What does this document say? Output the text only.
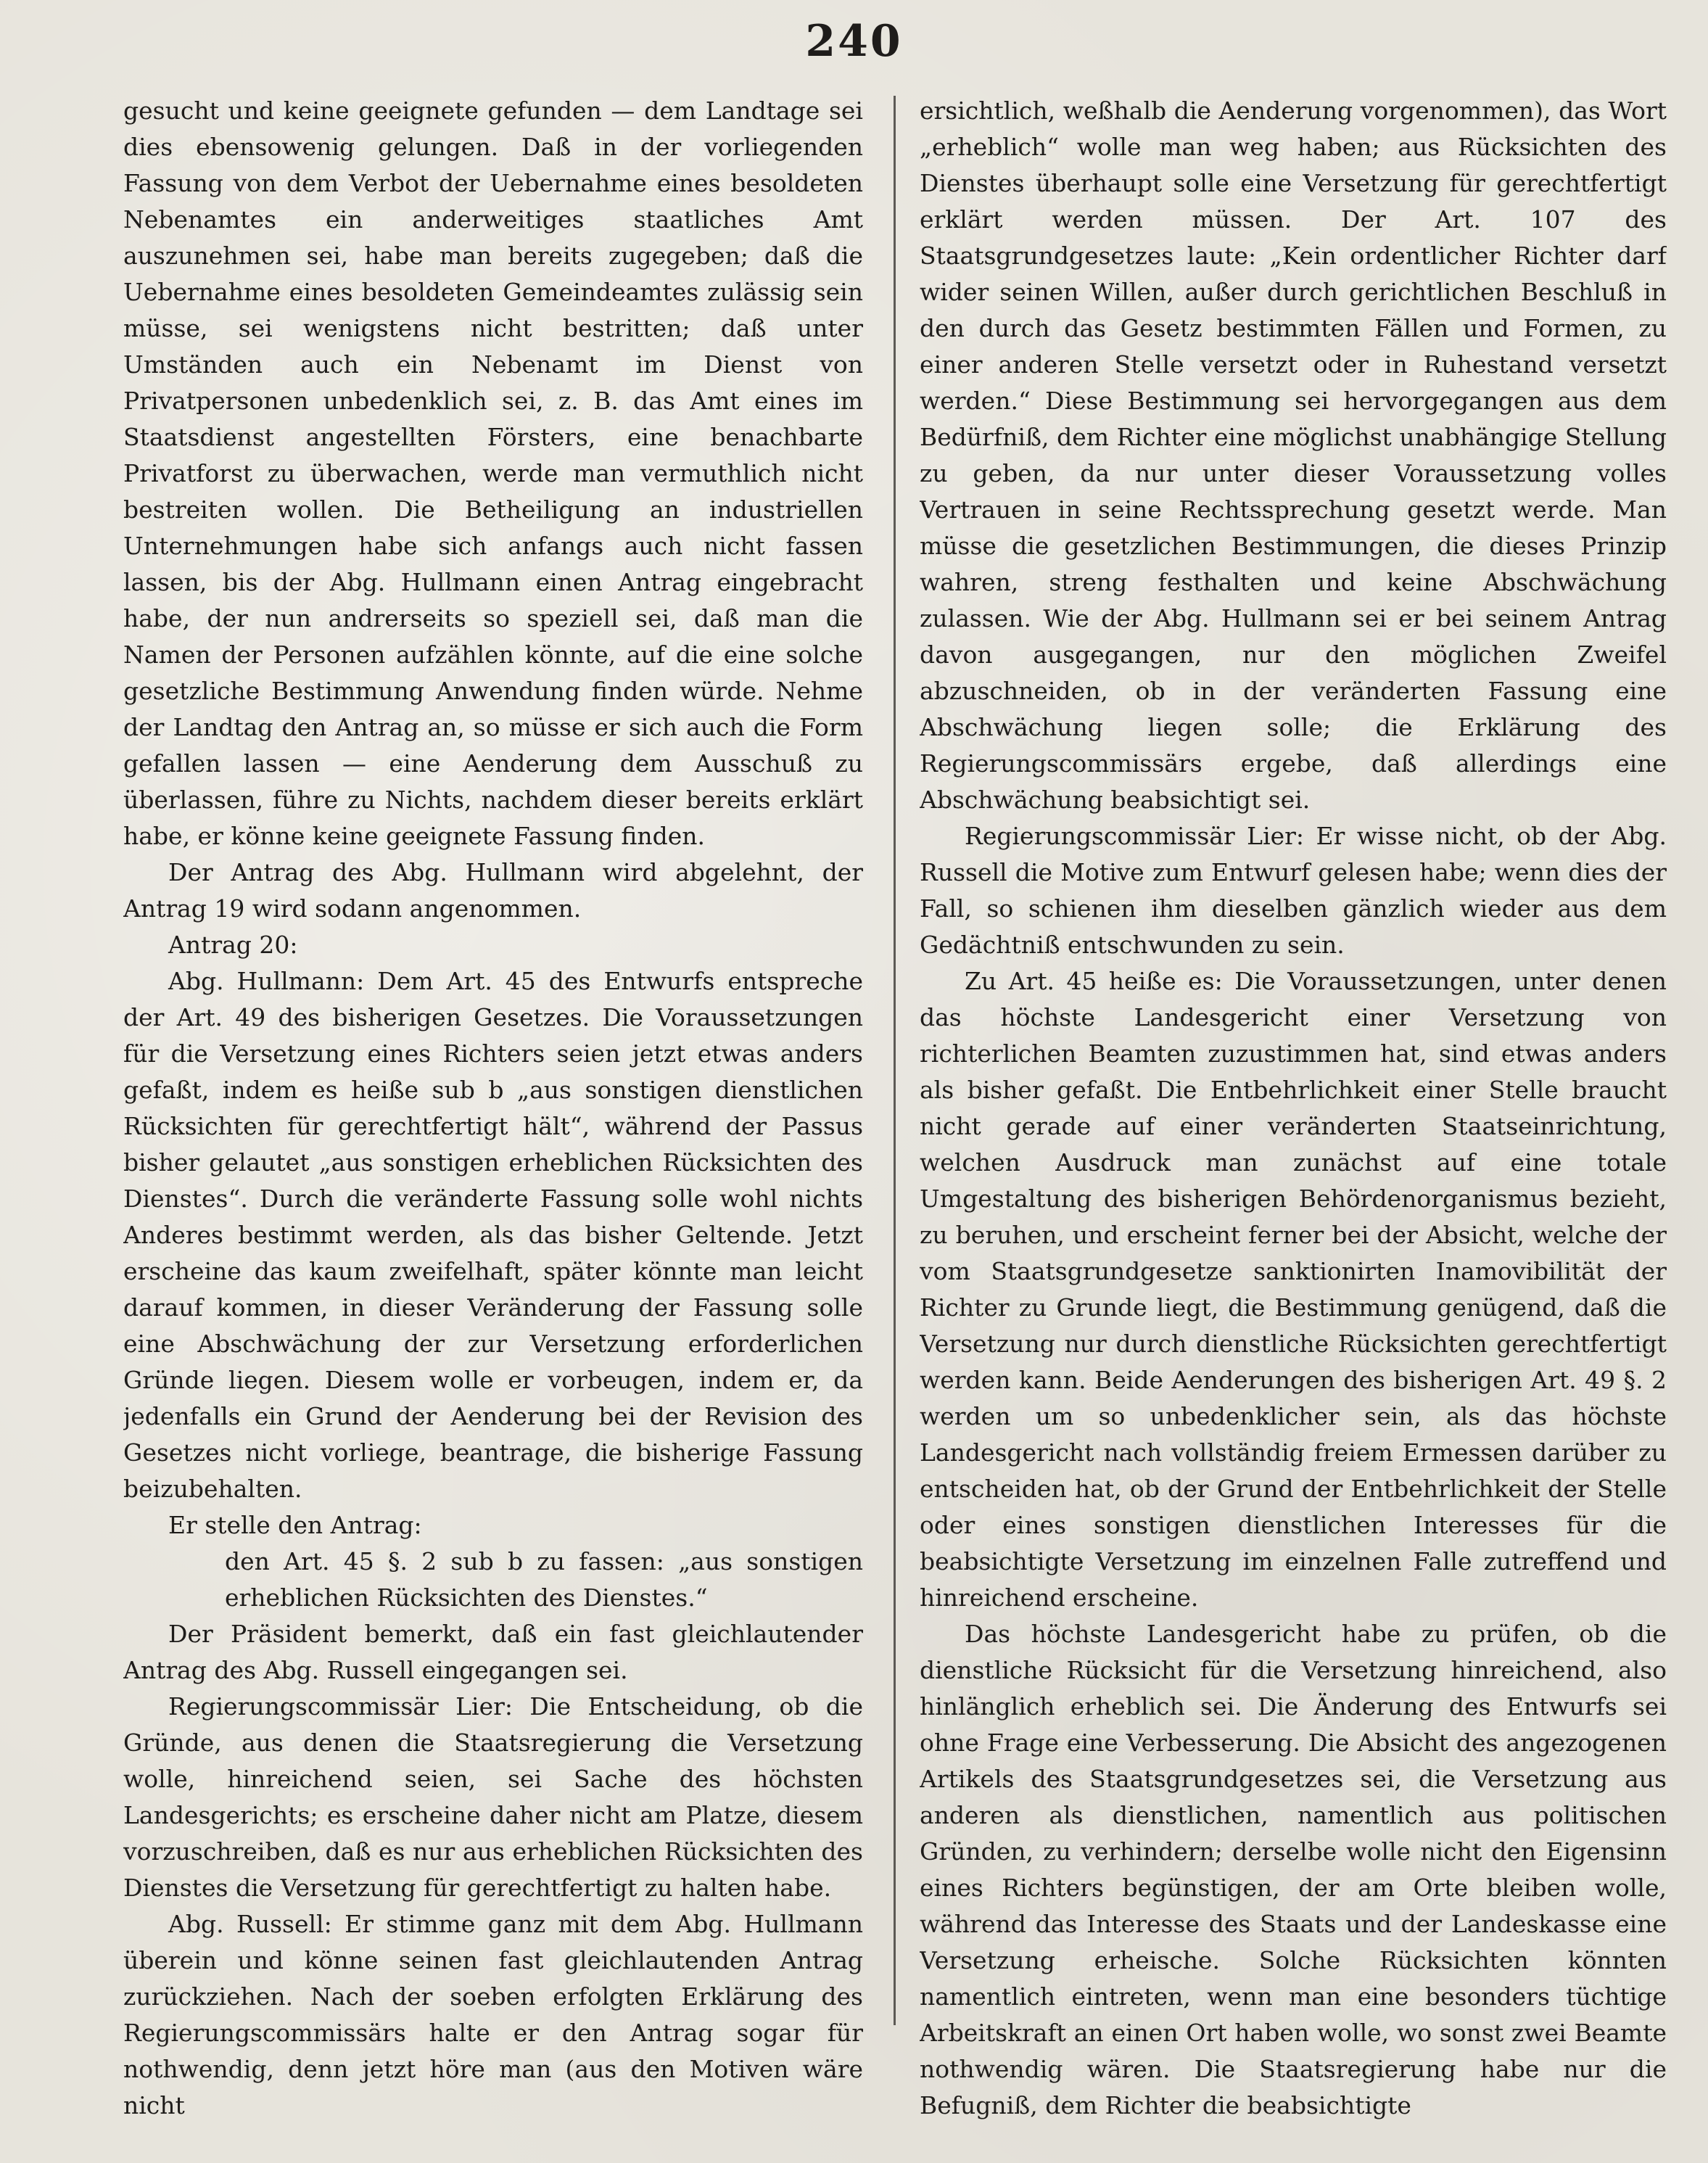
240

gesucht und keine geeignete gefunden — dem Landtage sei dies ebensowenig gelungen. Daß in der vorliegenden Fassung von dem Verbot der Uebernahme eines besoldeten Nebenamtes ein anderweitiges staatliches Amt auszunehmen sei, habe man bereits zugegeben; daß die Uebernahme eines besoldeten Gemeindeamtes zulässig sein müsse, sei wenigstens nicht bestritten; daß unter Umständen auch ein Nebenamt im Dienst von Privatpersonen unbedenklich sei, z. B. das Amt eines im Staatsdienst angestellten Försters, eine benachbarte Privatforst zu überwachen, werde man vermuthlich nicht bestreiten wollen. Die Betheiligung an industriellen Unternehmungen habe sich anfangs auch nicht fassen lassen, bis der Abg. Hullmann einen Antrag eingebracht habe, der nun andrerseits so speziell sei, daß man die Namen der Personen aufzählen könnte, auf die eine solche gesetzliche Bestimmung Anwendung finden würde. Nehme der Landtag den Antrag an, so müsse er sich auch die Form gefallen lassen — eine Aenderung dem Ausschuß zu überlassen, führe zu Nichts, nachdem dieser bereits erklärt habe, er könne keine geeignete Fassung finden.

Der Antrag des Abg. Hullmann wird abgelehnt, der Antrag 19 wird sodann angenommen.

Antrag 20:

Abg. Hullmann: Dem Art. 45 des Entwurfs entspreche der Art. 49 des bisherigen Gesetzes. Die Voraussetzungen für die Versetzung eines Richters seien jetzt etwas anders gefaßt, indem es heiße sub b „aus sonstigen dienstlichen Rücksichten für gerechtfertigt hält“, während der Passus bisher gelautet „aus sonstigen erheblichen Rücksichten des Dienstes“. Durch die veränderte Fassung solle wohl nichts Anderes bestimmt werden, als das bisher Geltende. Jetzt erscheine das kaum zweifelhaft, später könnte man leicht darauf kommen, in dieser Veränderung der Fassung solle eine Abschwächung der zur Versetzung erforderlichen Gründe liegen. Diesem wolle er vorbeugen, indem er, da jedenfalls ein Grund der Aenderung bei der Revision des Gesetzes nicht vorliege, beantrage, die bisherige Fassung beizubehalten.

Er stelle den Antrag:

den Art. 45 §. 2 sub b zu fassen: „aus sonstigen erheblichen Rücksichten des Dienstes.“

Der Präsident bemerkt, daß ein fast gleichlautender Antrag des Abg. Russell eingegangen sei.

Regierungscommissär Lier: Die Entscheidung, ob die Gründe, aus denen die Staatsregierung die Versetzung wolle, hinreichend seien, sei Sache des höchsten Landesgerichts; es erscheine daher nicht am Platze, diesem vorzuschreiben, daß es nur aus erheblichen Rücksichten des Dienstes die Versetzung für gerechtfertigt zu halten habe.

Abg. Russell: Er stimme ganz mit dem Abg. Hullmann überein und könne seinen fast gleichlautenden Antrag zurückziehen. Nach der soeben erfolgten Erklärung des Regierungscommissärs halte er den Antrag sogar für nothwendig, denn jetzt höre man (aus den Motiven wäre nicht

ersichtlich, weßhalb die Aenderung vorgenommen), das Wort „erheblich“ wolle man weg haben; aus Rücksichten des Dienstes überhaupt solle eine Versetzung für gerechtfertigt erklärt werden müssen. Der Art. 107 des Staatsgrundgesetzes laute: „Kein ordentlicher Richter darf wider seinen Willen, außer durch gerichtlichen Beschluß in den durch das Gesetz bestimmten Fällen und Formen, zu einer anderen Stelle versetzt oder in Ruhestand versetzt werden.“ Diese Bestimmung sei hervorgegangen aus dem Bedürfniß, dem Richter eine möglichst unabhängige Stellung zu geben, da nur unter dieser Voraussetzung volles Vertrauen in seine Rechtssprechung gesetzt werde. Man müsse die gesetzlichen Bestimmungen, die dieses Prinzip wahren, streng festhalten und keine Abschwächung zulassen. Wie der Abg. Hullmann sei er bei seinem Antrag davon ausgegangen, nur den möglichen Zweifel abzuschneiden, ob in der veränderten Fassung eine Abschwächung liegen solle; die Erklärung des Regierungscommissärs ergebe, daß allerdings eine Abschwächung beabsichtigt sei.

Regierungscommissär Lier: Er wisse nicht, ob der Abg. Russell die Motive zum Entwurf gelesen habe; wenn dies der Fall, so schienen ihm dieselben gänzlich wieder aus dem Gedächtniß entschwunden zu sein.

Zu Art. 45 heiße es: Die Voraussetzungen, unter denen das höchste Landesgericht einer Versetzung von richterlichen Beamten zuzustimmen hat, sind etwas anders als bisher gefaßt. Die Entbehrlichkeit einer Stelle braucht nicht gerade auf einer veränderten Staatseinrichtung, welchen Ausdruck man zunächst auf eine totale Umgestaltung des bisherigen Behördenorganismus bezieht, zu beruhen, und erscheint ferner bei der Absicht, welche der vom Staatsgrundgesetze sanktionirten Inamovibilität der Richter zu Grunde liegt, die Bestimmung genügend, daß die Versetzung nur durch dienstliche Rücksichten gerechtfertigt werden kann. Beide Aenderungen des bisherigen Art. 49 §. 2 werden um so unbedenklicher sein, als das höchste Landesgericht nach vollständig freiem Ermessen darüber zu entscheiden hat, ob der Grund der Entbehrlichkeit der Stelle oder eines sonstigen dienstlichen Interesses für die beabsichtigte Versetzung im einzelnen Falle zutreffend und hinreichend erscheine.

Das höchste Landesgericht habe zu prüfen, ob die dienstliche Rücksicht für die Versetzung hinreichend, also hinlänglich erheblich sei. Die Änderung des Entwurfs sei ohne Frage eine Verbesserung. Die Absicht des angezogenen Artikels des Staatsgrundgesetzes sei, die Versetzung aus anderen als dienstlichen, namentlich aus politischen Gründen, zu verhindern; derselbe wolle nicht den Eigensinn eines Richters begünstigen, der am Orte bleiben wolle, während das Interesse des Staats und der Landeskasse eine Versetzung erheische. Solche Rücksichten könnten namentlich eintreten, wenn man eine besonders tüchtige Arbeitskraft an einen Ort haben wolle, wo sonst zwei Beamte nothwendig wären. Die Staatsregierung habe nur die Befugniß, dem Richter die beabsichtigte
